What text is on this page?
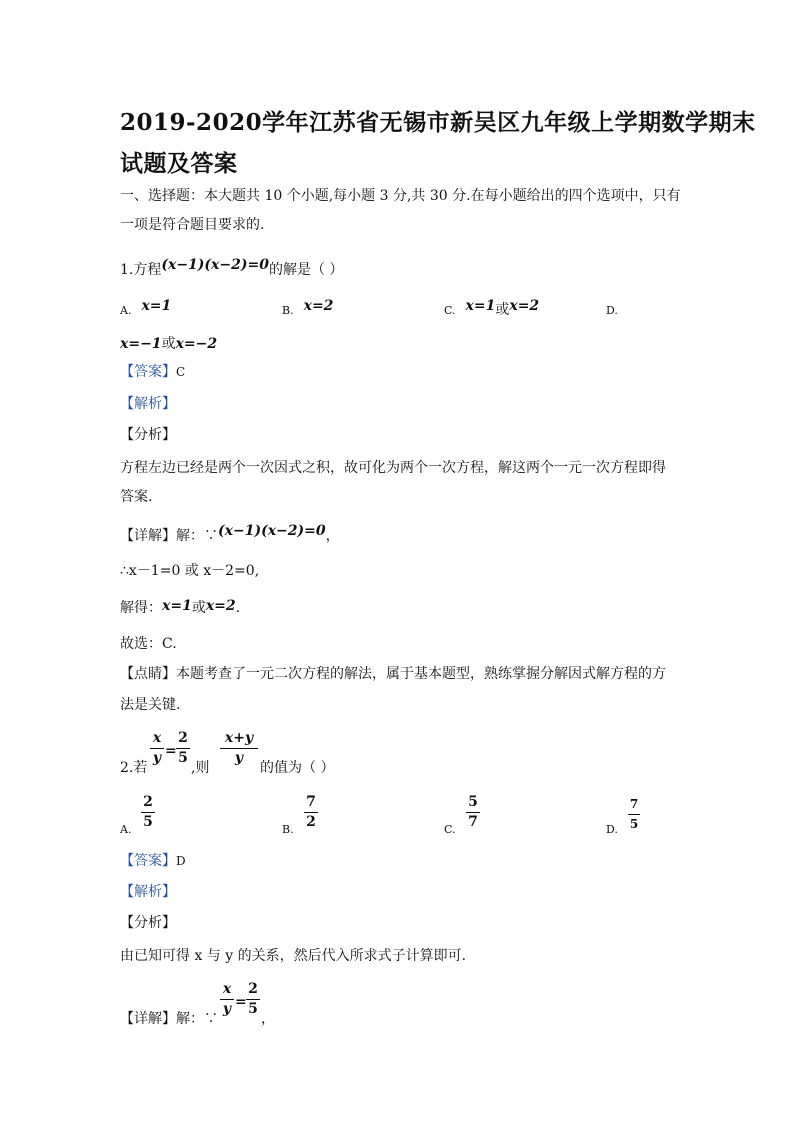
2019-2020学年江苏省无锡市新吴区九年级上学期数学期末
试题及答案
一、选择题：本大题共 10 个小题,每小题 3 分,共 30 分.在每小题给出的四个选项中，只有
一项是符合题目要求的.
1.方程(x−1)(x−2)=0的解是（ ）
A. x=1	B. x=2	C. x=1或x=2	D.
x=−1或x=−2
【答案】C
【解析】
【分析】
方程左边已经是两个一次因式之积，故可化为两个一次方程，解这两个一元一次方程即得
答案.
【详解】解：∵(x−1)(x−2)=0，
∴x－1=0 或 x－2=0,
解得：x=1或x=2.
故选：C.
【点睛】本题考查了一元二次方程的解法，属于基本题型，熟练掌握分解因式解方程的方
法是关键.
2.若
x
y =
2
5
,则
x+y
y
的值为（ ）
A.
2
5	B.
7
2	C.
5
7	D.
7
5
【答案】D
【解析】
【分析】
由已知可得 x 与 y 的关系，然后代入所求式子计算即可.
【详解】解：∵
x
y =
2
5
，
